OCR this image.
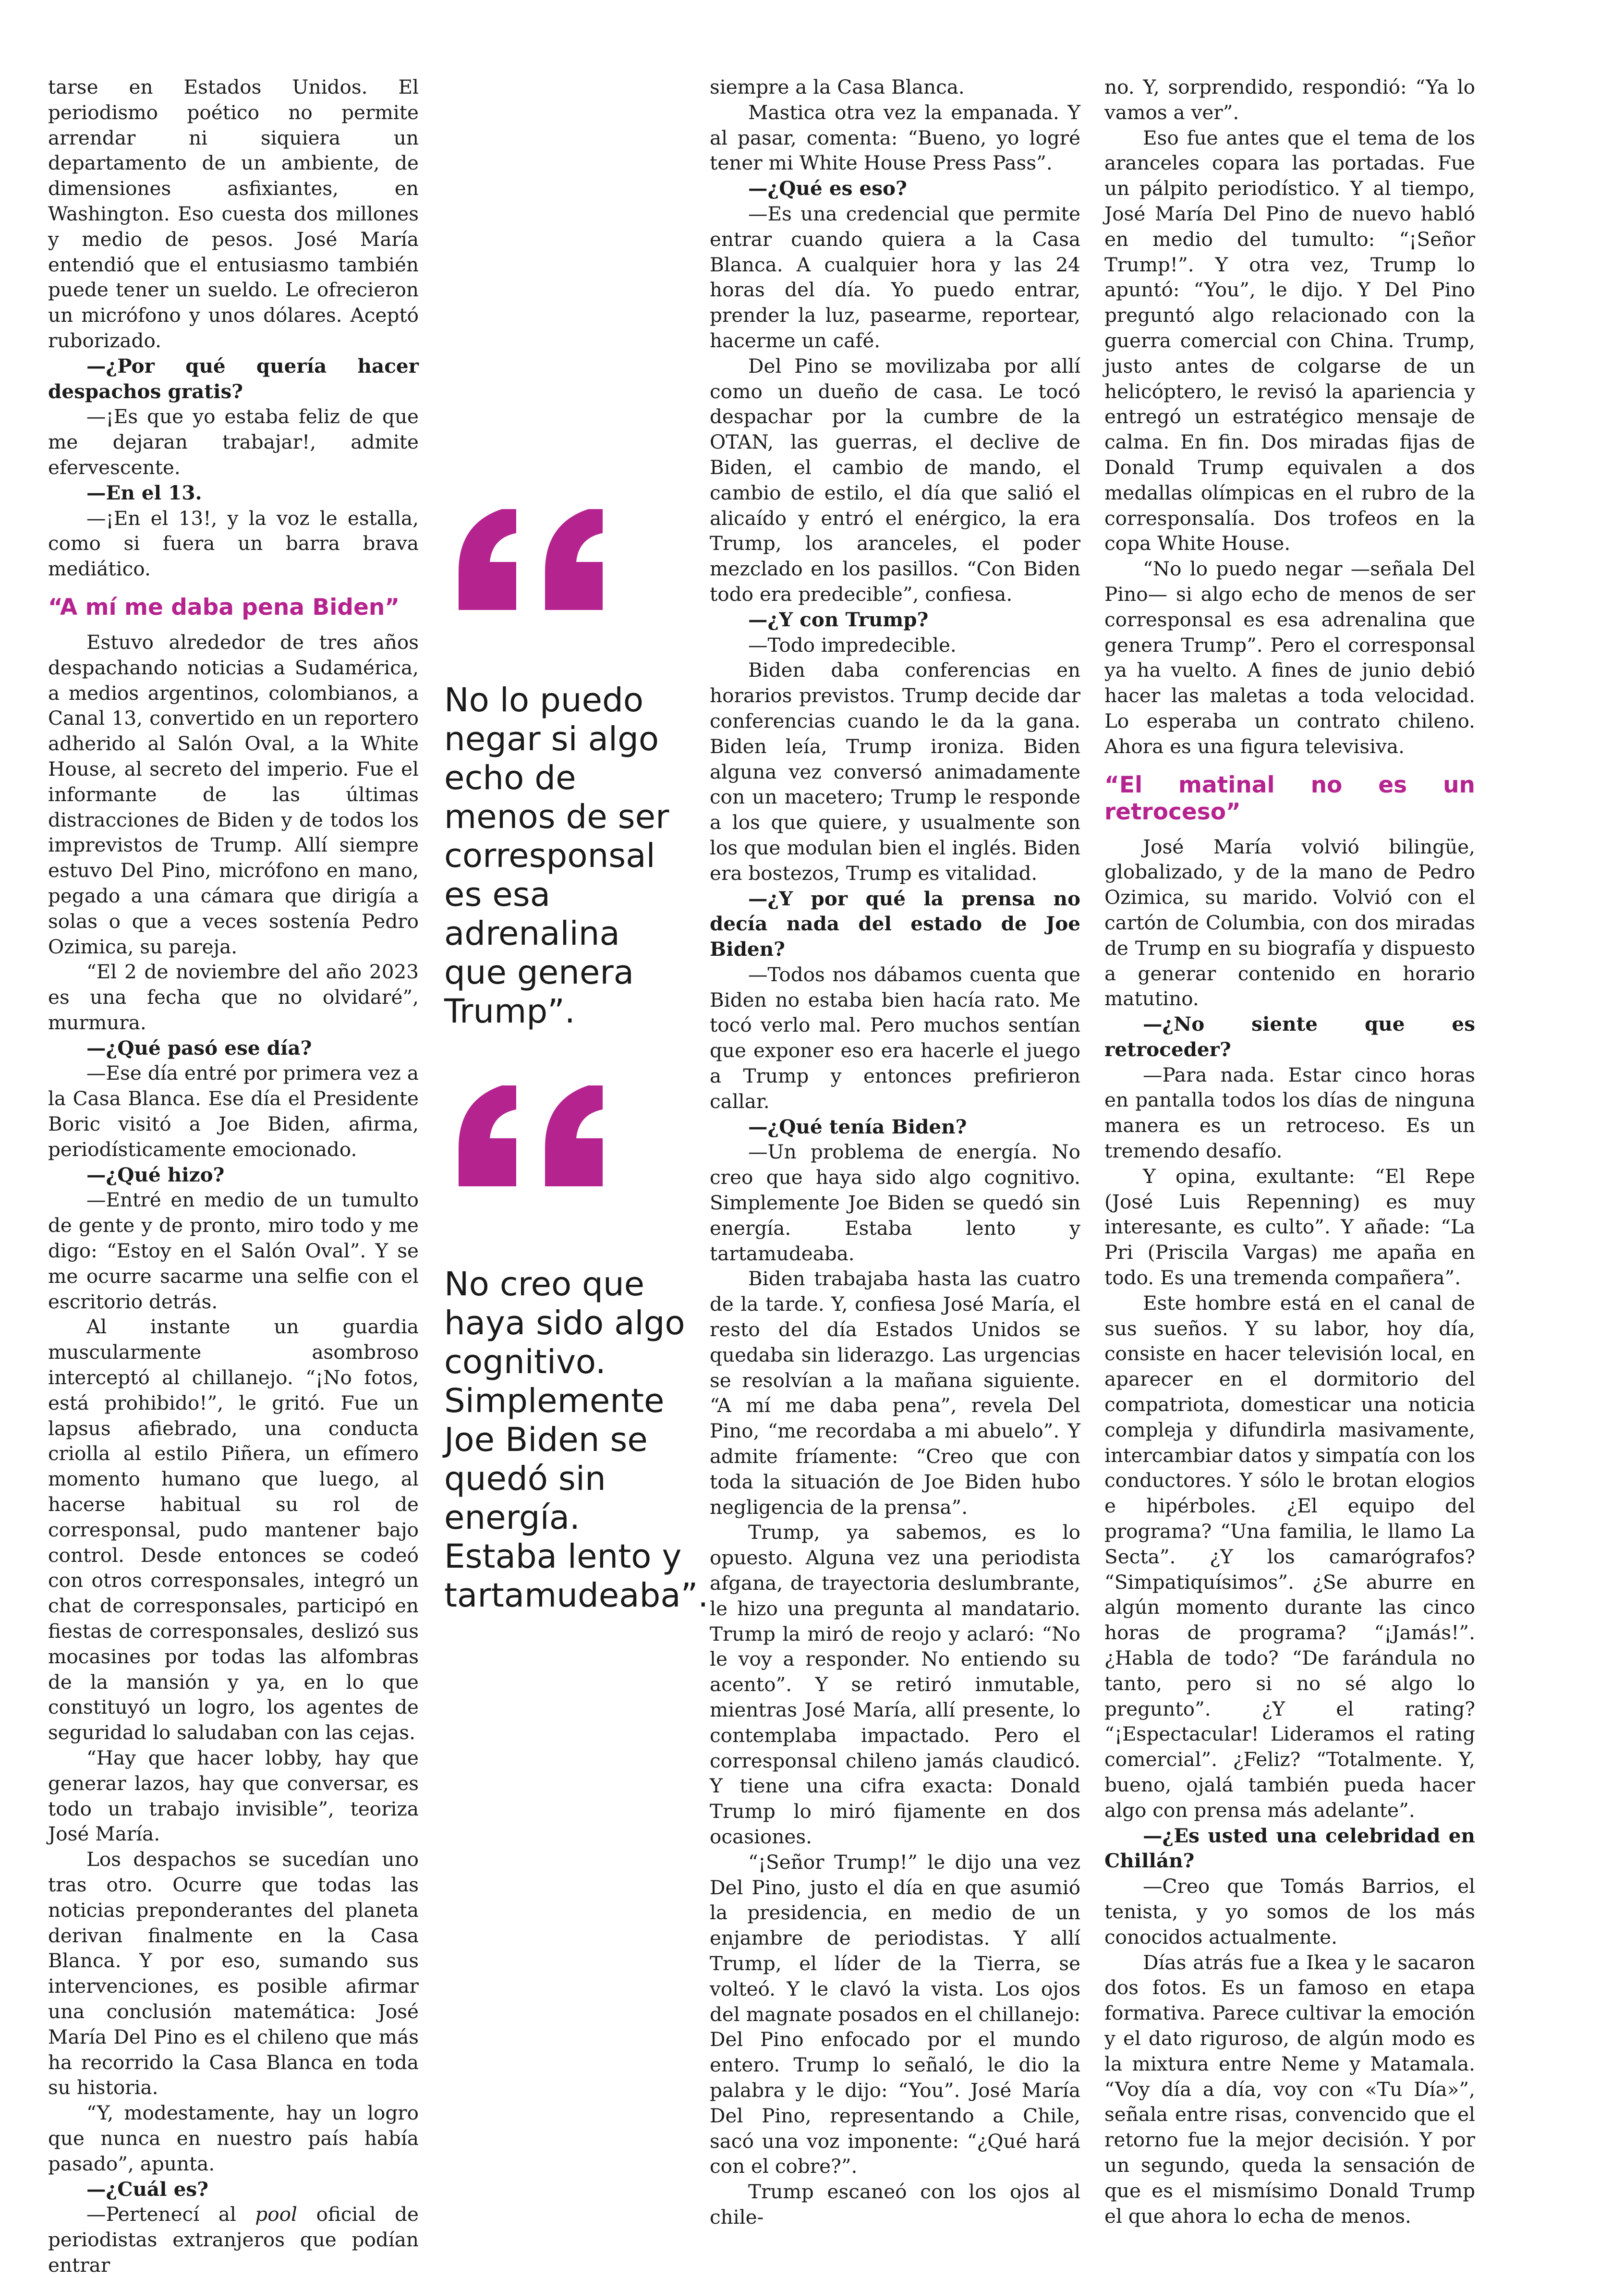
tarse en Estados Unidos. El periodismo poético no permite arrendar ni siquiera un departamento de un ambiente, de dimensiones asfixiantes, en Washington. Eso cuesta dos millones y medio de pesos. José María entendió que el entusiasmo también puede tener un sueldo. Le ofrecieron un micrófono y unos dólares. Aceptó ruborizado.

—¿Por qué quería hacer despachos gratis?

—¡Es que yo estaba feliz de que me dejaran trabajar!, admite efervescente.

—En el 13.

—¡En el 13!, y la voz le estalla, como si fuera un barra brava mediático.

“A mí me daba pena Biden”

Estuvo alrededor de tres años despachando noticias a Sudamérica, a medios argentinos, colombianos, a Canal 13, convertido en un reportero adherido al Salón Oval, a la White House, al secreto del imperio. Fue el informante de las últimas distracciones de Biden y de todos los imprevistos de Trump. Allí siempre estuvo Del Pino, micrófono en mano, pegado a una cámara que dirigía a solas o que a veces sostenía Pedro Ozimica, su pareja.

“El 2 de noviembre del año 2023 es una fecha que no olvidaré”, murmura.

—¿Qué pasó ese día?

—Ese día entré por primera vez a la Casa Blanca. Ese día el Presidente Boric visitó a Joe Biden, afirma, periodísticamente emocionado.

—¿Qué hizo?

—Entré en medio de un tumulto de gente y de pronto, miro todo y me digo: “Estoy en el Salón Oval”. Y se me ocurre sacarme una selfie con el escritorio detrás.

Al instante un guardia muscularmente asombroso interceptó al chillanejo. “¡No fotos, está prohibido!”, le gritó. Fue un lapsus afiebrado, una conducta criolla al estilo Piñera, un efímero momento humano que luego, al hacerse habitual su rol de corresponsal, pudo mantener bajo control. Desde entonces se codeó con otros corresponsales, integró un chat de corresponsales, participó en fiestas de corresponsales, deslizó sus mocasines por todas las alfombras de la mansión y ya, en lo que constituyó un logro, los agentes de seguridad lo saludaban con las cejas.

“Hay que hacer lobby, hay que generar lazos, hay que conversar, es todo un trabajo invisible”, teoriza José María.

Los despachos se sucedían uno tras otro. Ocurre que todas las noticias preponderantes del planeta derivan finalmente en la Casa Blanca. Y por eso, sumando sus intervenciones, es posible afirmar una conclusión matemática: José María Del Pino es el chileno que más ha recorrido la Casa Blanca en toda su historia.

“Y, modestamente, hay un logro que nunca en nuestro país había pasado”, apunta.

—¿Cuál es?

—Pertenecí al pool oficial de periodistas extranjeros que podían entrar

No lo puedo negar si algo echo de menos de ser corresponsal es esa adrenalina que genera Trump”.
No creo que haya sido algo cognitivo. Simplemente Joe Biden se quedó sin energía. Estaba lento y tartamudeaba”.

siempre a la Casa Blanca.

Mastica otra vez la empanada. Y al pasar, comenta: “Bueno, yo logré tener mi White House Press Pass”.

—¿Qué es eso?

—Es una credencial que permite entrar cuando quiera a la Casa Blanca. A cualquier hora y las 24 horas del día. Yo puedo entrar, prender la luz, pasearme, reportear, hacerme un café.

Del Pino se movilizaba por allí como un dueño de casa. Le tocó despachar por la cumbre de la OTAN, las guerras, el declive de Biden, el cambio de mando, el cambio de estilo, el día que salió el alicaído y entró el enérgico, la era Trump, los aranceles, el poder mezclado en los pasillos. “Con Biden todo era predecible”, confiesa.

—¿Y con Trump?

—Todo impredecible.

Biden daba conferencias en horarios previstos. Trump decide dar conferencias cuando le da la gana. Biden leía, Trump ironiza. Biden alguna vez conversó animadamente con un macetero; Trump le responde a los que quiere, y usualmente son los que modulan bien el inglés. Biden era bostezos, Trump es vitalidad.

—¿Y por qué la prensa no decía nada del estado de Joe Biden?

—Todos nos dábamos cuenta que Biden no estaba bien hacía rato. Me tocó verlo mal. Pero muchos sentían que exponer eso era hacerle el juego a Trump y entonces prefirieron callar.

—¿Qué tenía Biden?

—Un problema de energía. No creo que haya sido algo cognitivo. Simplemente Joe Biden se quedó sin energía. Estaba lento y tartamudeaba.

Biden trabajaba hasta las cuatro de la tarde. Y, confiesa José María, el resto del día Estados Unidos se quedaba sin liderazgo. Las urgencias se resolvían a la mañana siguiente. “A mí me daba pena”, revela Del Pino, “me recordaba a mi abuelo”. Y admite fríamente: “Creo que con toda la situación de Joe Biden hubo negligencia de la prensa”.

Trump, ya sabemos, es lo opuesto. Alguna vez una periodista afgana, de trayectoria deslumbrante, le hizo una pregunta al mandatario. Trump la miró de reojo y aclaró: “No le voy a responder. No entiendo su acento”. Y se retiró inmutable, mientras José María, allí presente, lo contemplaba impactado. Pero el corresponsal chileno jamás claudicó. Y tiene una cifra exacta: Donald Trump lo miró fijamente en dos ocasiones.

“¡Señor Trump!” le dijo una vez Del Pino, justo el día en que asumió la presidencia, en medio de un enjambre de periodistas. Y allí Trump, el líder de la Tierra, se volteó. Y le clavó la vista. Los ojos del magnate posados en el chillanejo: Del Pino enfocado por el mundo entero. Trump lo señaló, le dio la palabra y le dijo: “You”. José María Del Pino, representando a Chile, sacó una voz imponente: “¿Qué hará con el cobre?”.

Trump escaneó con los ojos al chile-

no. Y, sorprendido, respondió: “Ya lo vamos a ver”.

Eso fue antes que el tema de los aranceles copara las portadas. Fue un pálpito periodístico. Y al tiempo, José María Del Pino de nuevo habló en medio del tumulto: “¡Señor Trump!”. Y otra vez, Trump lo apuntó: “You”, le dijo. Y Del Pino preguntó algo relacionado con la guerra comercial con China. Trump, justo antes de colgarse de un helicóptero, le revisó la apariencia y entregó un estratégico mensaje de calma. En fin. Dos miradas fijas de Donald Trump equivalen a dos medallas olímpicas en el rubro de la corresponsalía. Dos trofeos en la copa White House.

“No lo puedo negar —señala Del Pino— si algo echo de menos de ser corresponsal es esa adrenalina que genera Trump”. Pero el corresponsal ya ha vuelto. A fines de junio debió hacer las maletas a toda velocidad. Lo esperaba un contrato chileno. Ahora es una figura televisiva.

“El matinal no es un retroceso”

José María volvió bilingüe, globalizado, y de la mano de Pedro Ozimica, su marido. Volvió con el cartón de Columbia, con dos miradas de Trump en su biografía y dispuesto a generar contenido en horario matutino.

—¿No siente que es retroceder?

—Para nada. Estar cinco horas en pantalla todos los días de ninguna manera es un retroceso. Es un tremendo desafío.

Y opina, exultante: “El Repe (José Luis Repenning) es muy interesante, es culto”. Y añade: “La Pri (Priscila Vargas) me apaña en todo. Es una tremenda compañera”.

Este hombre está en el canal de sus sueños. Y su labor, hoy día, consiste en hacer televisión local, en aparecer en el dormitorio del compatriota, domesticar una noticia compleja y difundirla masivamente, intercambiar datos y simpatía con los conductores. Y sólo le brotan elogios e hipérboles. ¿El equipo del programa? “Una familia, le llamo La Secta”. ¿Y los camarógrafos? “Simpatiquísimos”. ¿Se aburre en algún momento durante las cinco horas de programa? “¡Jamás!”. ¿Habla de todo? “De farándula no tanto, pero si no sé algo lo pregunto”. ¿Y el rating? “¡Espectacular! Lideramos el rating comercial”. ¿Feliz? “Totalmente. Y, bueno, ojalá también pueda hacer algo con prensa más adelante”.

—¿Es usted una celebridad en Chillán?

—Creo que Tomás Barrios, el tenista, y yo somos de los más conocidos actualmente.

Días atrás fue a Ikea y le sacaron dos fotos. Es un famoso en etapa formativa. Parece cultivar la emoción y el dato riguroso, de algún modo es la mixtura entre Neme y Matamala. “Voy día a día, voy con «Tu Día»”, señala entre risas, convencido que el retorno fue la mejor decisión. Y por un segundo, queda la sensación de que es el mismísimo Donald Trump el que ahora lo echa de menos.
